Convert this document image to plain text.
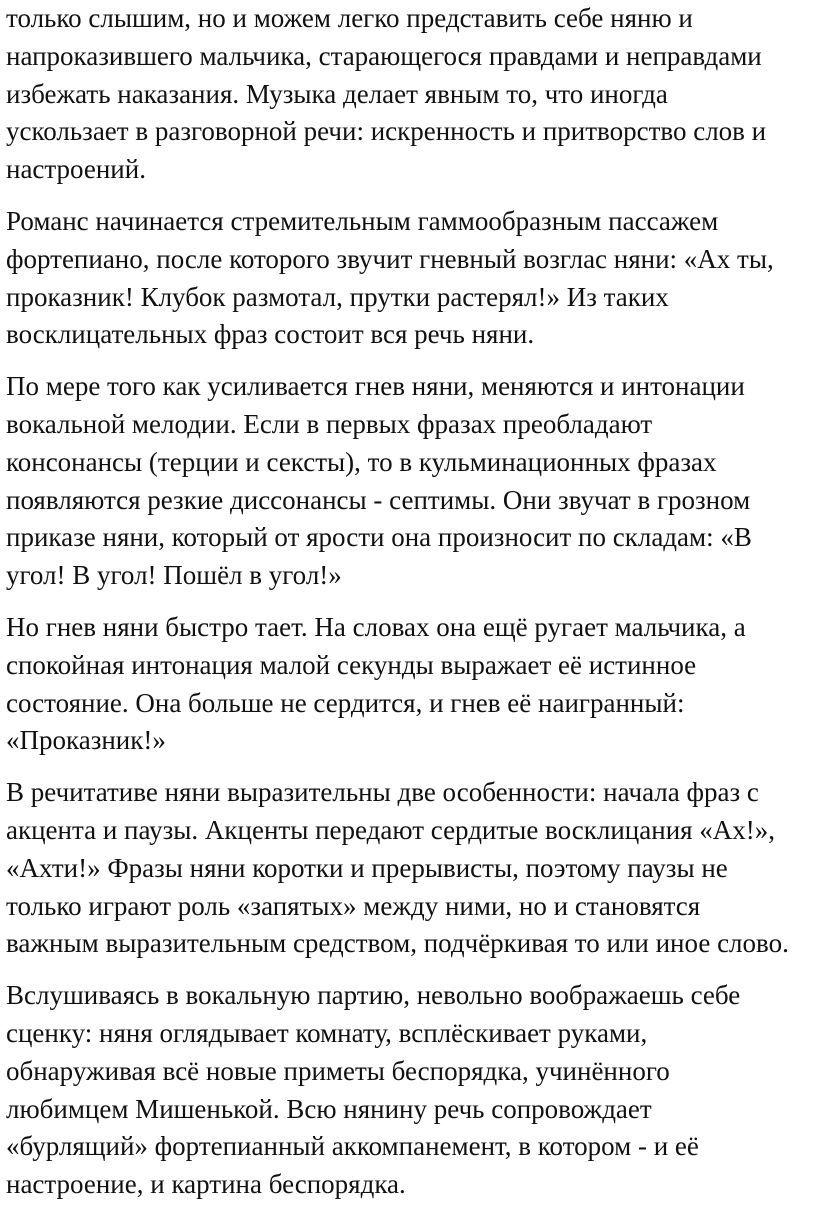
только слышим, но и можем легко представить себе няню и
напроказившего мальчика, старающегося правдами и неправдами
избежать наказания. Музыка делает явным то, что иногда
ускользает в разговорной речи: искренность и притворство слов и
настроений.

Романс начинается стремительным гаммообразным пассажем
фортепиано, после которого звучит гневный возглас няни: «Ах ты,
проказник! Клубок размотал, прутки растерял!» Из таких
восклицательных фраз состоит вся речь няни.

По мере того как усиливается гнев няни, меняются и интонации
вокальной мелодии. Если в первых фразах преобладают
консонансы (терции и сексты), то в кульминационных фразах
появляются резкие диссонансы - септимы. Они звучат в грозном
приказе няни, который от ярости она произносит по складам: «В
угол! В угол! Пошёл в угол!»

Но гнев няни быстро тает. На словах она ещё ругает мальчика, а
спокойная интонация малой секунды выражает её истинное
состояние. Она больше не сердится, и гнев её наигранный:
«Проказник!»

В речитативе няни выразительны две особенности: начала фраз с
акцента и паузы. Акценты передают сердитые восклицания «Ах!»,
«Ахти!» Фразы няни коротки и прерывисты, поэтому паузы не
только играют роль «запятых» между ними, но и становятся
важным выразительным средством, подчёркивая то или иное слово.

Вслушиваясь в вокальную партию, невольно воображаешь себе
сценку: няня оглядывает комнату, всплёскивает руками,
обнаруживая всё новые приметы беспорядка, учинённого
любимцем Мишенькой. Всю нянину речь сопровождает
«бурлящий» фортепианный аккомпанемент, в котором - и её
настроение, и картина беспорядка.
